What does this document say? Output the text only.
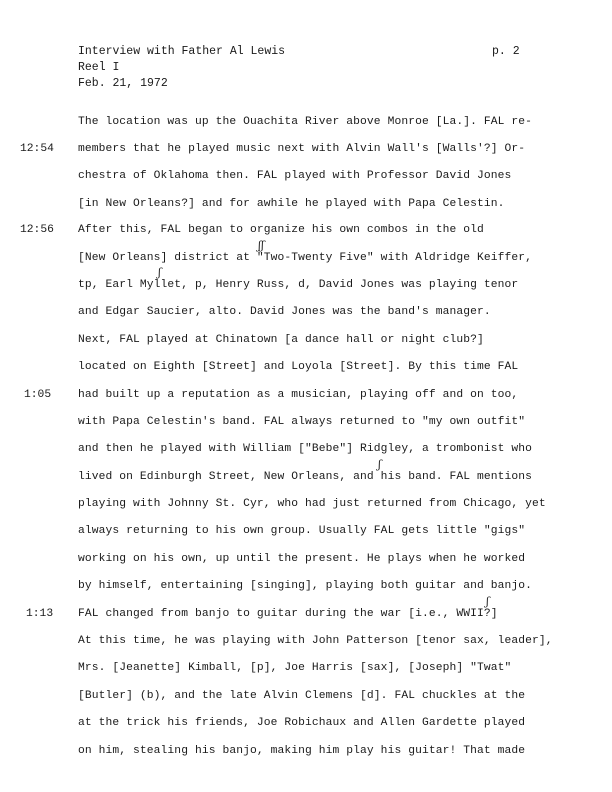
Interview with Father Al Lewis
Reel I
Feb. 21, 1972
p. 2
12:54
12:56
1:05
1:13
The location was up the Ouachita River above Monroe [La.]. FAL re-
members that he played music next with Alvin Wall's [Walls'?] Or-
chestra of Oklahoma then. FAL played with Professor David Jones
[in New Orleans?] and for awhile he played with Papa Celestin.
After this, FAL began to organize his own combos in the old
[New Orleans] district at "Two-Twenty Five" with Aldridge Keiffer,
tp, Earl Myllet, p, Henry Russ, d, David Jones was playing tenor
and Edgar Saucier, alto. David Jones was the band's manager.
Next, FAL played at Chinatown [a dance hall or night club?]
located on Eighth [Street] and Loyola [Street]. By this time FAL
had built up a reputation as a musician, playing off and on too,
with Papa Celestin's band. FAL always returned to "my own outfit"
and then he played with William ["Bebe"] Ridgley, a trombonist who
lived on Edinburgh Street, New Orleans, and his band. FAL mentions
playing with Johnny St. Cyr, who had just returned from Chicago, yet
always returning to his own group. Usually FAL gets little "gigs"
working on his own, up until the present. He plays when he worked
by himself, entertaining [singing], playing both guitar and banjo.
FAL changed from banjo to guitar during the war [i.e., WWII?]
At this time, he was playing with John Patterson [tenor sax, leader],
Mrs. [Jeanette] Kimball, [p], Joe Harris [sax], [Joseph] "Twat"
[Butler] (b), and the late Alvin Clemens [d]. FAL chuckles at the
at the trick his friends, Joe Robichaux and Allen Gardette played
on him, stealing his banjo, making him play his guitar! That made
ʃʃ
ʃ
ʃ
ʃ
